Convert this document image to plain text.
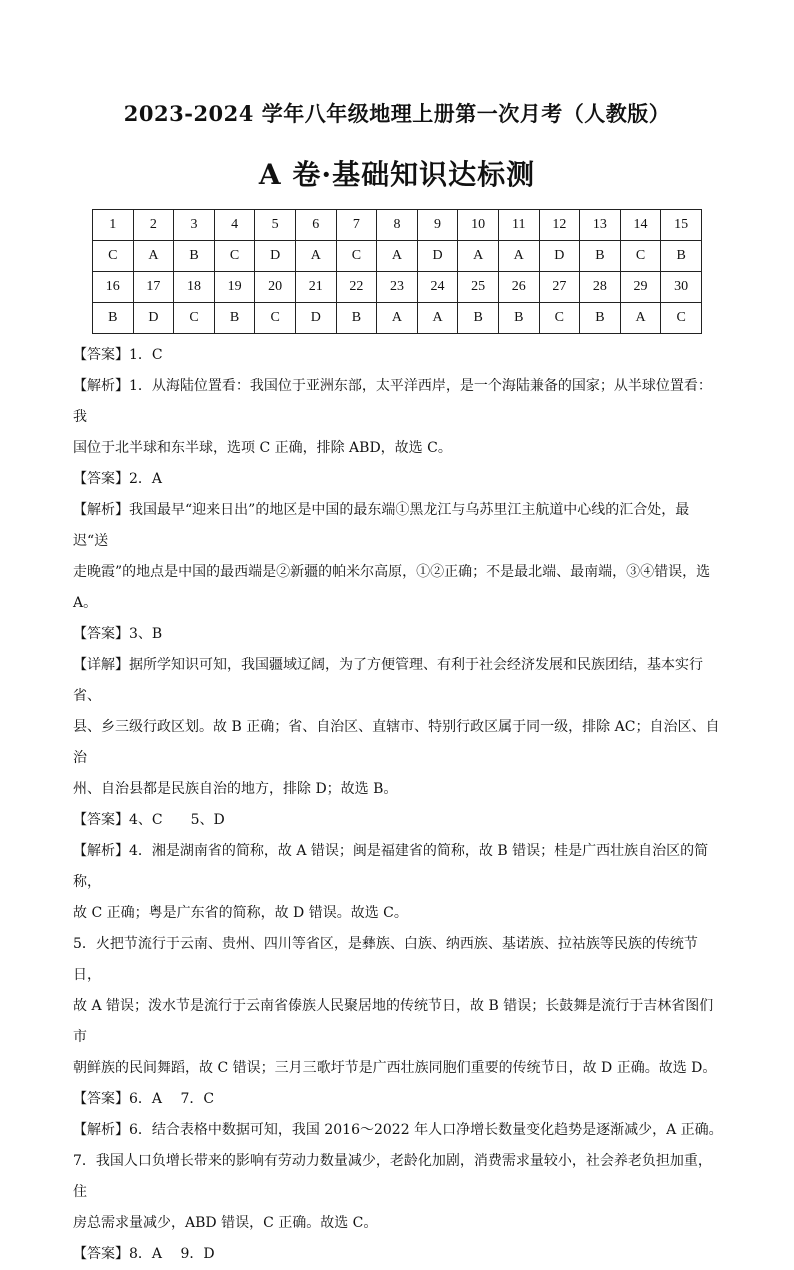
2023-2024 学年八年级地理上册第一次月考（人教版）
A 卷·基础知识达标测
1	2	3	4	5	6	7	8	9	10	11	12	13	14	15
C	A	B	C	D	A	C	A	D	A	A	D	B	C	B
16	17	18	19	20	21	22	23	24	25	26	27	28	29	30
B	D	C	B	C	D	B	A	A	B	B	C	B	A	C

【答案】1．C

【解析】1．从海陆位置看：我国位于亚洲东部，太平洋西岸，是一个海陆兼备的国家；从半球位置看：我

国位于北半球和东半球，选项 C 正确，排除 ABD，故选 C。

【答案】2．A

【解析】我国最早“迎来日出”的地区是中国的最东端①黑龙江与乌苏里江主航道中心线的汇合处，最迟“送

走晚霞”的地点是中国的最西端是②新疆的帕米尔高原，①②正确；不是最北端、最南端，③④错误，选

A。

【答案】3、B

【详解】据所学知识可知，我国疆域辽阔，为了方便管理、有利于社会经济发展和民族团结，基本实行省、

县、乡三级行政区划。故 B 正确；省、自治区、直辖市、特别行政区属于同一级，排除 AC；自治区、自治

州、自治县都是民族自治的地方，排除 D；故选 B。

【答案】4、C　　5、D

【解析】4．湘是湖南省的简称，故 A 错误；闽是福建省的简称，故 B 错误；桂是广西壮族自治区的简称，

故 C 正确；粤是广东省的简称，故 D 错误。故选 C。

5．火把节流行于云南、贵州、四川等省区，是彝族、白族、纳西族、基诺族、拉祜族等民族的传统节日，

故 A 错误；泼水节是流行于云南省傣族人民聚居地的传统节日，故 B 错误；长鼓舞是流行于吉林省图们市

朝鲜族的民间舞蹈，故 C 错误；三月三歌圩节是广西壮族同胞们重要的传统节日，故 D 正确。故选 D。

【答案】6．A　 7．C

【解析】6．结合表格中数据可知，我国 2016～2022 年人口净增长数量变化趋势是逐渐减少，A 正确。

7．我国人口负增长带来的影响有劳动力数量减少，老龄化加剧，消费需求量较小，社会养老负担加重，住

房总需求量减少，ABD 错误，C 正确。故选 C。

【答案】8．A　 9．D
